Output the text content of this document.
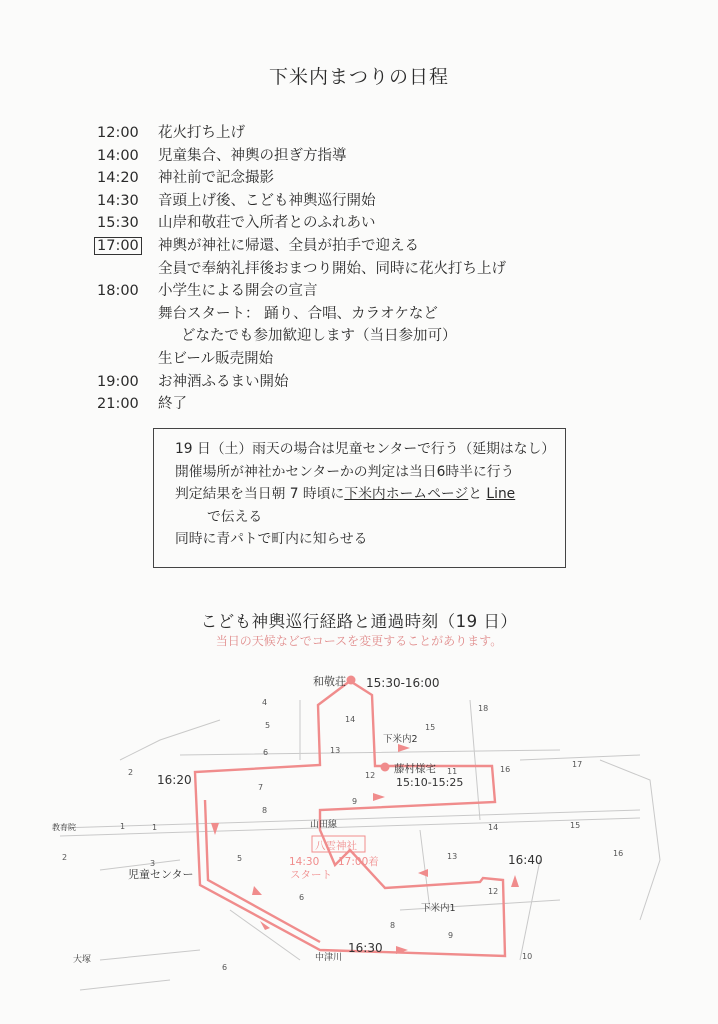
下米内まつりの日程
12:00	花火打ち上げ
14:00	児童集合、神輿の担ぎ方指導
14:20	神社前で記念撮影
14:30	音頭上げ後、こども神輿巡行開始
15:30	山岸和敬荘で入所者とのふれあい
17:00	神輿が神社に帰還、全員が拍手で迎える
全員で奉納礼拝後おまつり開始、同時に花火打ち上げ
18:00	小学生による開会の宣言
舞台スタート： 踊り、合唱、カラオケなど
どなたでも参加歓迎します（当日参加可）
生ビール販売開始
19:00	お神酒ふるまい開始
21:00	終了
19 日（土）雨天の場合は児童センターで行う（延期はなし）
開催場所が神社かセンターかの判定は当日6時半に行う
判定結果を当日朝 7 時頃に下米内ホームページと Line
で伝える
同時に青パトで町内に知らせる
こども神輿巡行経路と通過時刻（19 日）
当日の天候などでコースを変更することがあります。
和敬荘 15:30-16:00
藤村様宅
15:10-15:25
16:20
16:40
16:30
児童センター
山田線
下米内1
下米内2
中津川
大塚
教育院
八雲神社
14:30 17:00着
スタート
4
5
14
15
18
6	13
16
17
2
7
12	11
8
9
1	14	15
16
13
5
6
12
8
9
10
6
2
3
1
